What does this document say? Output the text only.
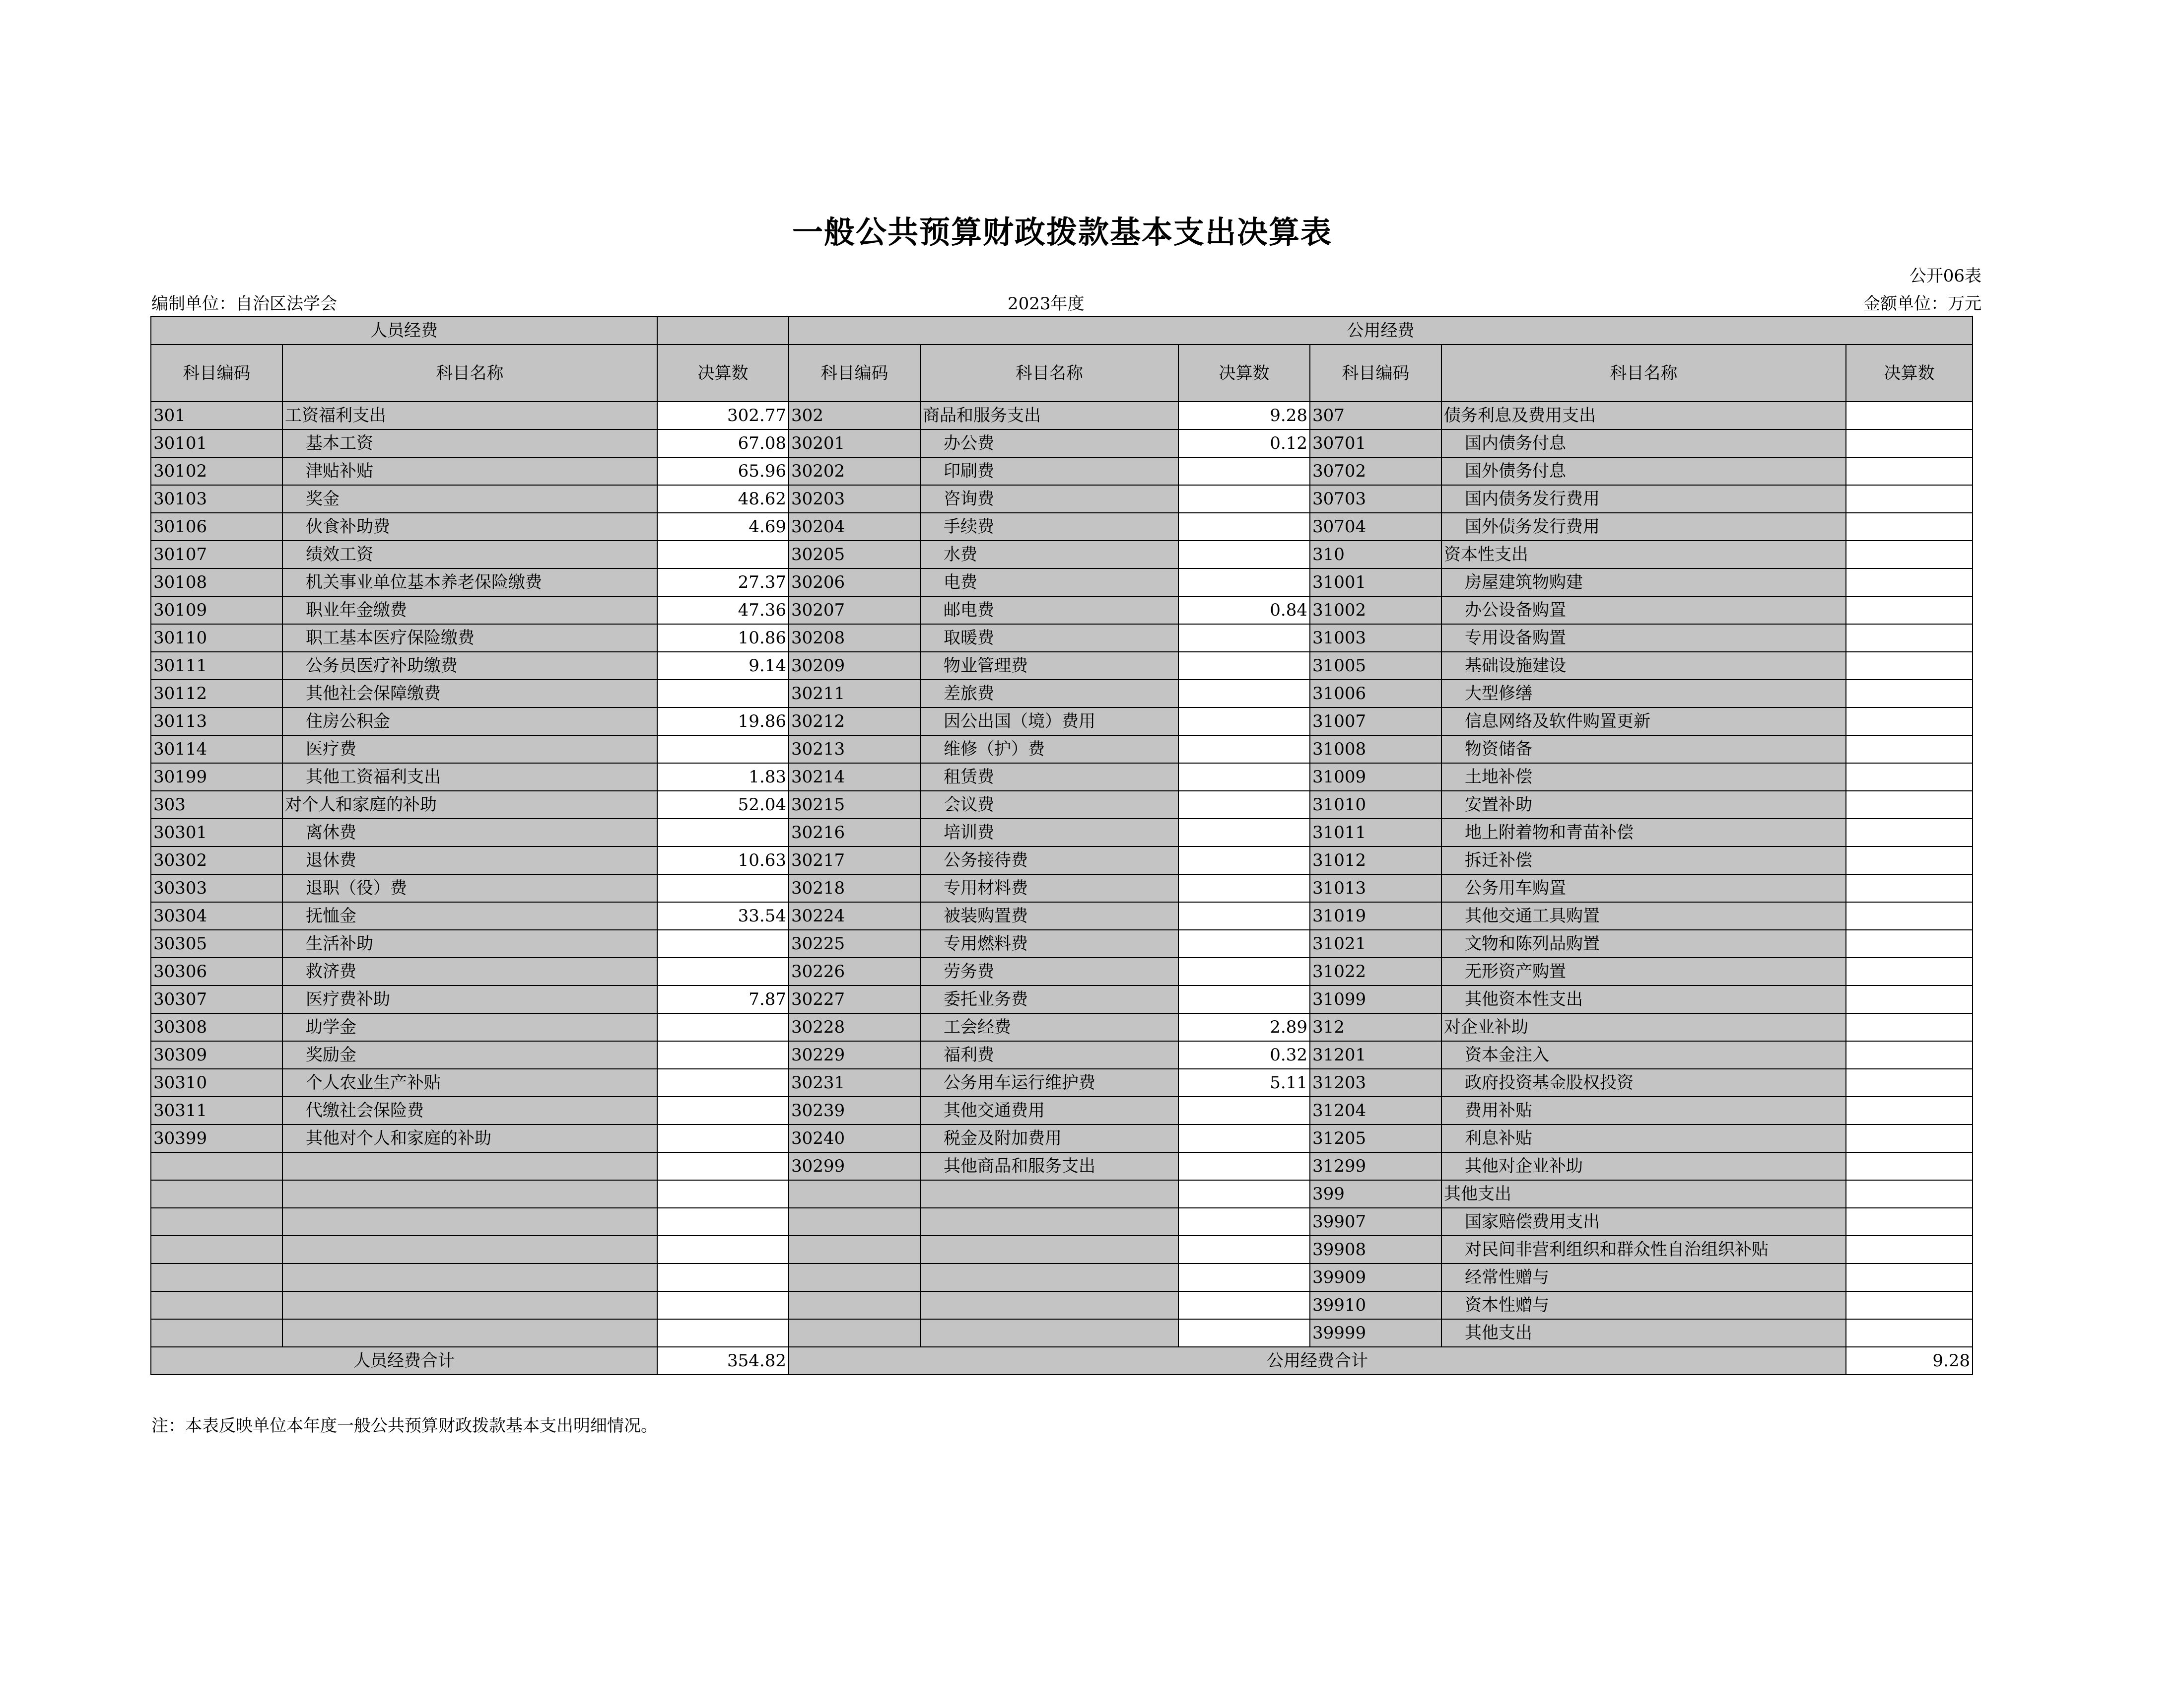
一般公共预算财政拨款基本支出决算表
公开06表
编制单位：自治区法学会	2023年度	金额单位：万元
人员经费			公用经费					
科目编码	科目名称	决算数	科目编码	科目名称	决算数	科目编码	科目名称	决算数
301	工资福利支出	302.77	302	商品和服务支出	9.28	307	债务利息及费用支出	
30101	基本工资	67.08	30201	办公费	0.12	30701	国内债务付息	
30102	津贴补贴	65.96	30202	印刷费		30702	国外债务付息	
30103	奖金	48.62	30203	咨询费		30703	国内债务发行费用	
30106	伙食补助费	4.69	30204	手续费		30704	国外债务发行费用	
30107	绩效工资		30205	水费		310	资本性支出	
30108	机关事业单位基本养老保险缴费	27.37	30206	电费		31001	房屋建筑物购建	
30109	职业年金缴费	47.36	30207	邮电费	0.84	31002	办公设备购置	
30110	职工基本医疗保险缴费	10.86	30208	取暖费		31003	专用设备购置	
30111	公务员医疗补助缴费	9.14	30209	物业管理费		31005	基础设施建设	
30112	其他社会保障缴费		30211	差旅费		31006	大型修缮	
30113	住房公积金	19.86	30212	因公出国（境）费用		31007	信息网络及软件购置更新	
30114	医疗费		30213	维修（护）费		31008	物资储备	
30199	其他工资福利支出	1.83	30214	租赁费		31009	土地补偿	
303	对个人和家庭的补助	52.04	30215	会议费		31010	安置补助	
30301	离休费		30216	培训费		31011	地上附着物和青苗补偿	
30302	退休费	10.63	30217	公务接待费		31012	拆迁补偿	
30303	退职（役）费		30218	专用材料费		31013	公务用车购置	
30304	抚恤金	33.54	30224	被装购置费		31019	其他交通工具购置	
30305	生活补助		30225	专用燃料费		31021	文物和陈列品购置	
30306	救济费		30226	劳务费		31022	无形资产购置	
30307	医疗费补助	7.87	30227	委托业务费		31099	其他资本性支出	
30308	助学金		30228	工会经费	2.89	312	对企业补助	
30309	奖励金		30229	福利费	0.32	31201	资本金注入	
30310	个人农业生产补贴		30231	公务用车运行维护费	5.11	31203	政府投资基金股权投资	
30311	代缴社会保险费		30239	其他交通费用		31204	费用补贴	
30399	其他对个人和家庭的补助		30240	税金及附加费用		31205	利息补贴	
			30299	其他商品和服务支出		31299	其他对企业补助	
						399	其他支出	
						39907	国家赔偿费用支出	
						39908	对民间非营利组织和群众性自治组织补贴	
						39909	经常性赠与	
						39910	资本性赠与	
						39999	其他支出	
人员经费合计		354.82	公用经费合计					9.28
注：本表反映单位本年度一般公共预算财政拨款基本支出明细情况。
